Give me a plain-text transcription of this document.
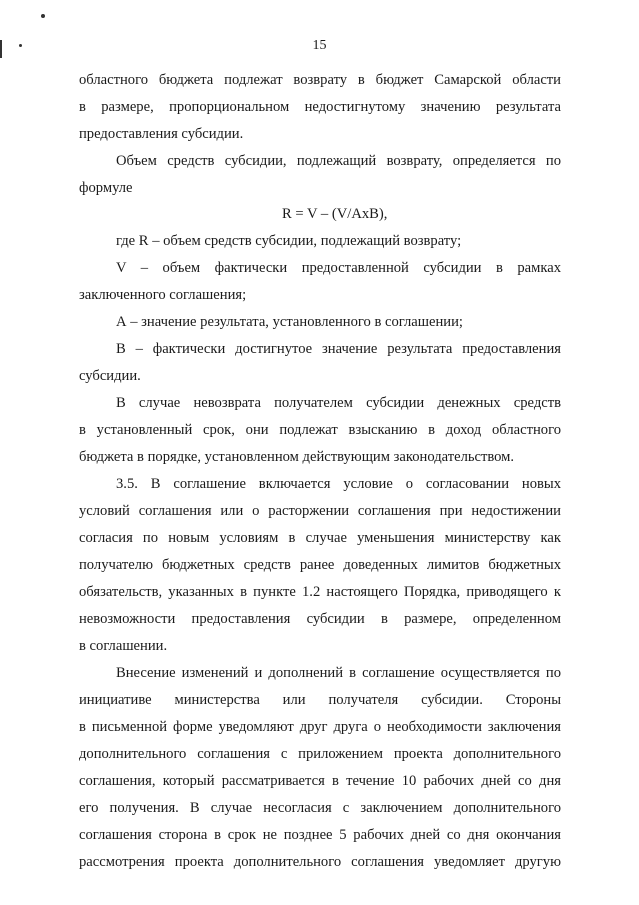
15
областного бюджета подлежат возврату в бюджет Самарской области
в размере, пропорциональном недостигнутому значению результата
предоставления субсидии.
Объем средств субсидии, подлежащий возврату, определяется по
формуле
R = V – (V/AxB),
где R – объем средств субсидии, подлежащий возврату;
V – объем фактически предоставленной субсидии в рамках
заключенного соглашения;
А – значение результата, установленного в соглашении;
B – фактически достигнутое значение результата предоставления
субсидии.
В случае невозврата получателем субсидии денежных средств
в установленный срок, они подлежат взысканию в доход областного
бюджета в порядке, установленном действующим законодательством.
3.5. В соглашение включается условие о согласовании новых
условий соглашения или о расторжении соглашения при недостижении
согласия по новым условиям в случае уменьшения министерству как
получателю бюджетных средств ранее доведенных лимитов бюджетных
обязательств, указанных в пункте 1.2 настоящего Порядка, приводящего к
невозможности предоставления субсидии в размере, определенном
в соглашении.
Внесение изменений и дополнений в соглашение осуществляется по
инициативе министерства или получателя субсидии. Стороны
в письменной форме уведомляют друг друга о необходимости заключения
дополнительного соглашения с приложением проекта дополнительного
соглашения, который рассматривается в течение 10 рабочих дней со дня
его получения. В случае несогласия с заключением дополнительного
соглашения сторона в срок не позднее 5 рабочих дней со дня окончания
рассмотрения проекта дополнительного соглашения уведомляет другую
